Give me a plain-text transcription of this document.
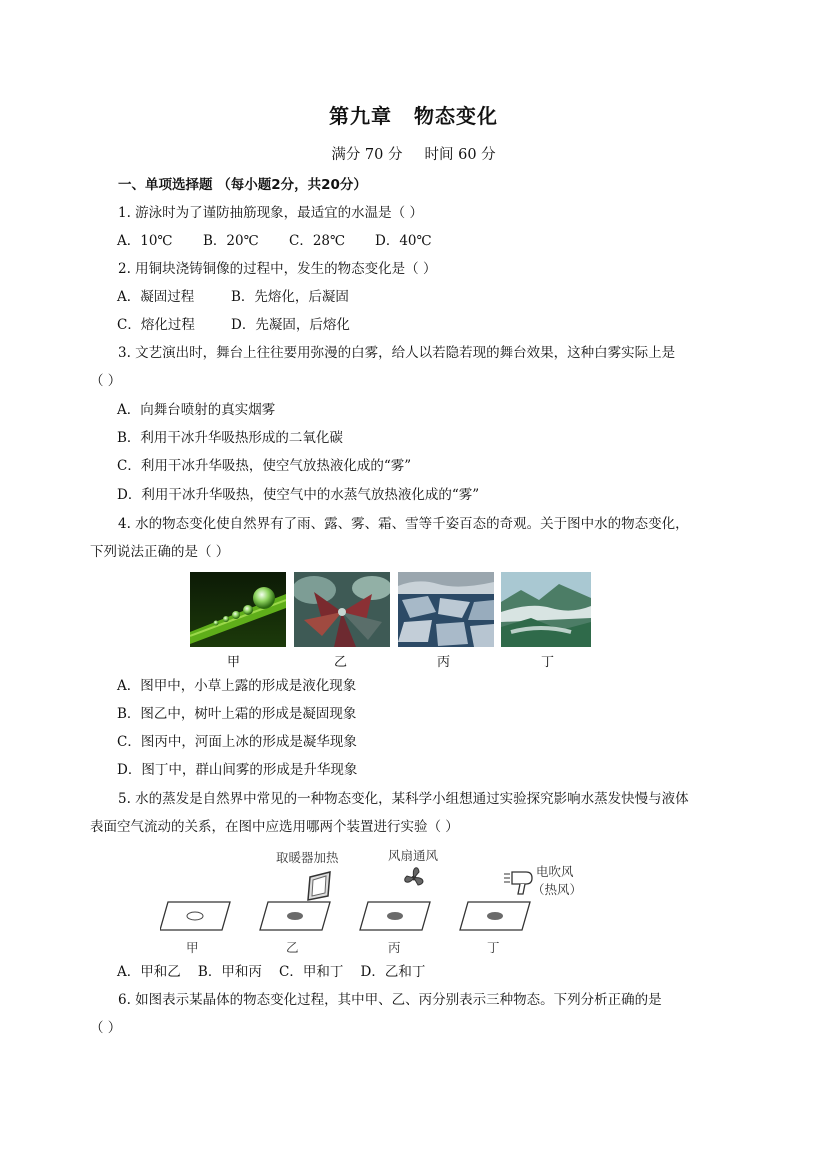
第九章 物态变化
满分 70 分 时间 60 分
一、单项选择题 （每小题2分，共20分）
1. 游泳时为了谨防抽筋现象，最适宜的水温是（ ）
A．10℃ B．20℃ C．28℃ D．40℃
2. 用铜块浇铸铜像的过程中，发生的物态变化是（ ）
A．凝固过程	B．先熔化，后凝固
C．熔化过程	D．先凝固，后熔化
3. 文艺演出时，舞台上往往要用弥漫的白雾，给人以若隐若现的舞台效果，这种白雾实际上是
（ ）
A．向舞台喷射的真实烟雾
B．利用干冰升华吸热形成的二氧化碳
C．利用干冰升华吸热，使空气放热液化成的“雾”
D．利用干冰升华吸热，使空气中的水蒸气放热液化成的“雾”
4. 水的物态变化使自然界有了雨、露、雾、霜、雪等千姿百态的奇观。关于图中水的物态变化，
下列说法正确的是（ ）
甲	乙	丙	丁
A．图甲中，小草上露的形成是液化现象
B．图乙中，树叶上霜的形成是凝固现象
C．图丙中，河面上冰的形成是凝华现象
D．图丁中，群山间雾的形成是升华现象
5. 水的蒸发是自然界中常见的一种物态变化，某科学小组想通过实验探究影响水蒸发快慢与液体
表面空气流动的关系，在图中应选用哪两个装置进行实验（ ）
取暖器加热	风扇通风
电吹风
（热风）
甲	乙	丙	丁
A．甲和乙    B．甲和丙    C．甲和丁    D．乙和丁
6. 如图表示某晶体的物态变化过程，其中甲、乙、丙分别表示三种物态。下列分析正确的是
（ ）
